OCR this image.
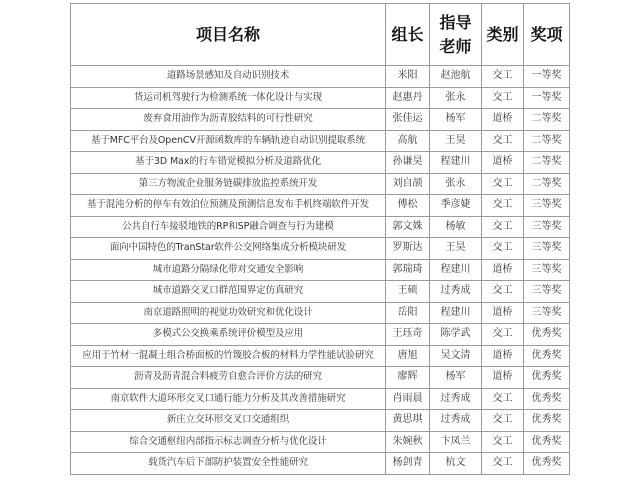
项目名称	组长	指导老师	类别	奖项
道路场景感知及自动识别技术	米阳	赵池航	交工	一等奖
货运司机驾驶行为检测系统一体化设计与实现	赵惠丹	张永	交工	一等奖
废弃食用油作为沥青胶结料的可行性研究	张佳运	杨军	道桥	二等奖
基于MFC平台及OpenCV开源函数库的车辆轨迹自动识别提取系统	高航	王昊	交工	二等奖
基于3D Max的行车错觉模拟分析及道路优化	孙谦昊	程建川	道桥	二等奖
第三方物流企业服务链碳排放监控系统开发	刘自颉	张永	交工	二等奖
基于混沌分析的停车有效泊位预测及预测信息发布手机终端软件开发	傅松	季彦婕	交工	三等奖
公共自行车接驳地铁的RP和SP融合调查与行为建模	郭文姝	杨敏	交工	三等奖
面向中国特色的TranStar软件公交网络集成分析模块研发	罗斯达	王昊	交工	三等奖
城市道路分隔绿化带对交通安全影响	郭瑞琦	程建川	道桥	三等奖
城市道路交叉口群范围界定仿真研究	王硕	过秀成	交工	三等奖
南京道路照明的视觉功效研究和优化设计	岳阳	程建川	道桥	三等奖
多模式公交换乘系统评价模型及应用	王珏奇	陈学武	交工	优秀奖
应用于竹材一混凝土组合桥面板的竹篾胶合板的材料力学性能试验研究	唐旭	吴文清	道桥	优秀奖
沥青及沥青混合料疲劳自愈合评价方法的研究	廖辉	杨军	道桥	优秀奖
南京软件大道环形交叉口通行能力分析及其改善措施研究	肖雨晨	过秀成	交工	优秀奖
新庄立交环形交叉口交通组织	黄思琪	过秀成	交工	优秀奖
综合交通枢纽内部指示标志调查分析与优化设计	朱婉秋	卞凤兰	交工	优秀奖
载货汽车后下部防护装置安全性能研究	杨剑青	杭文	交工	优秀奖
